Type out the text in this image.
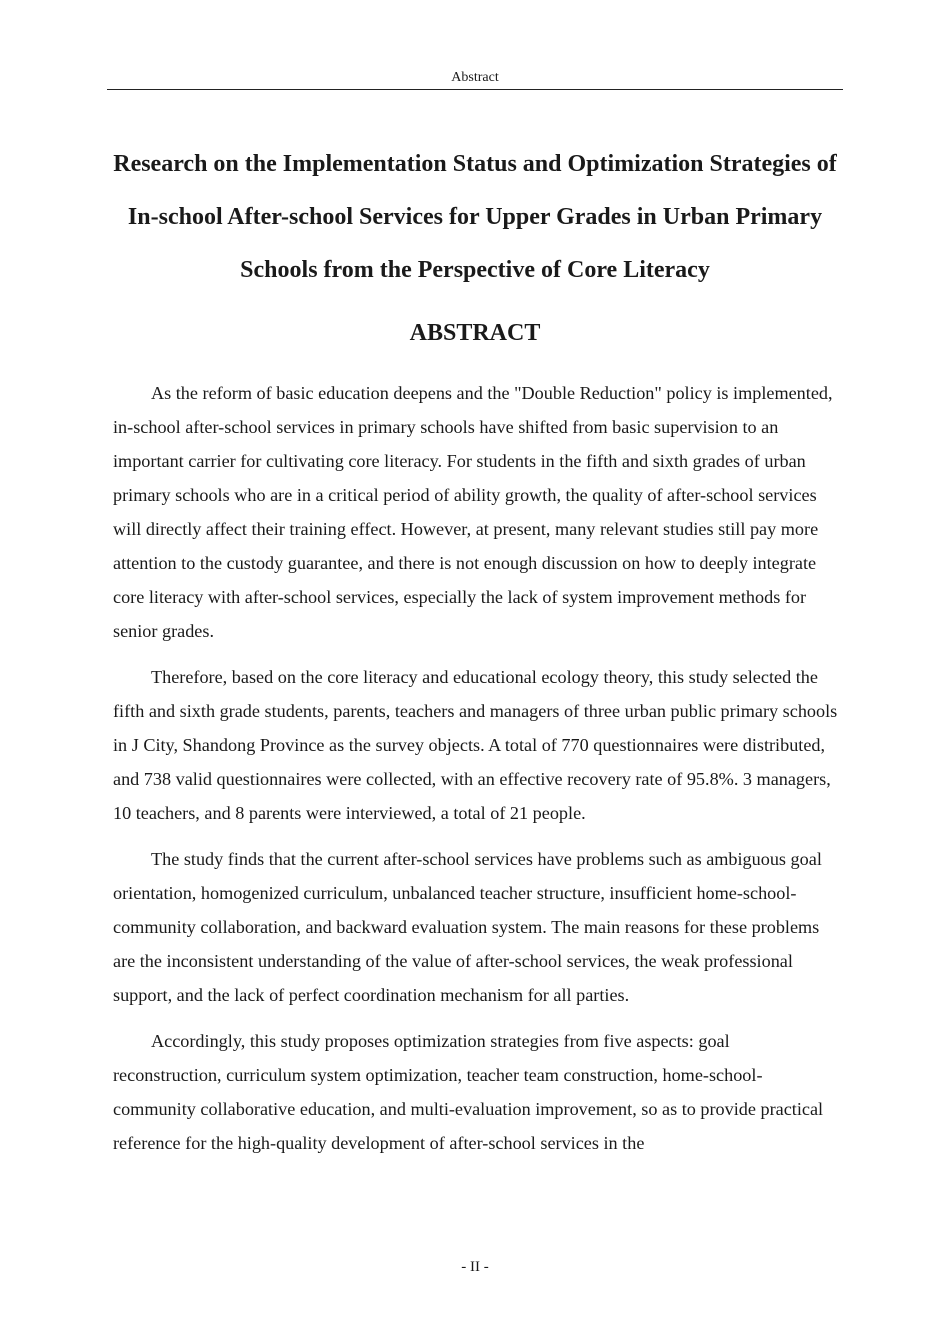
Abstract
Research on the Implementation Status and Optimization Strategies of In-school After-school Services for Upper Grades in Urban Primary Schools from the Perspective of Core Literacy
ABSTRACT

As the reform of basic education deepens and the "Double Reduction" policy is implemented, in-school after-school services in primary schools have shifted from basic supervision to an important carrier for cultivating core literacy. For students in the fifth and sixth grades of urban primary schools who are in a critical period of ability growth, the quality of after-school services will directly affect their training effect. However, at present, many relevant studies still pay more attention to the custody guarantee, and there is not enough discussion on how to deeply integrate core literacy with after-school services, especially the lack of system improvement methods for senior grades.

Therefore, based on the core literacy and educational ecology theory, this study selected the fifth and sixth grade students, parents, teachers and managers of three urban public primary schools in J City, Shandong Province as the survey objects. A total of 770 questionnaires were distributed, and 738 valid questionnaires were collected, with an effective recovery rate of 95.8%. 3 managers, 10 teachers, and 8 parents were interviewed, a total of 21 people.

The study finds that the current after-school services have problems such as ambiguous goal orientation, homogenized curriculum, unbalanced teacher structure, insufficient home-school-community collaboration, and backward evaluation system. The main reasons for these problems are the inconsistent understanding of the value of after-school services, the weak professional support, and the lack of perfect coordination mechanism for all parties.

Accordingly, this study proposes optimization strategies from five aspects: goal reconstruction, curriculum system optimization, teacher team construction, home-school-community collaborative education, and multi-evaluation improvement, so as to provide practical reference for the high-quality development of after-school services in the

- II -
